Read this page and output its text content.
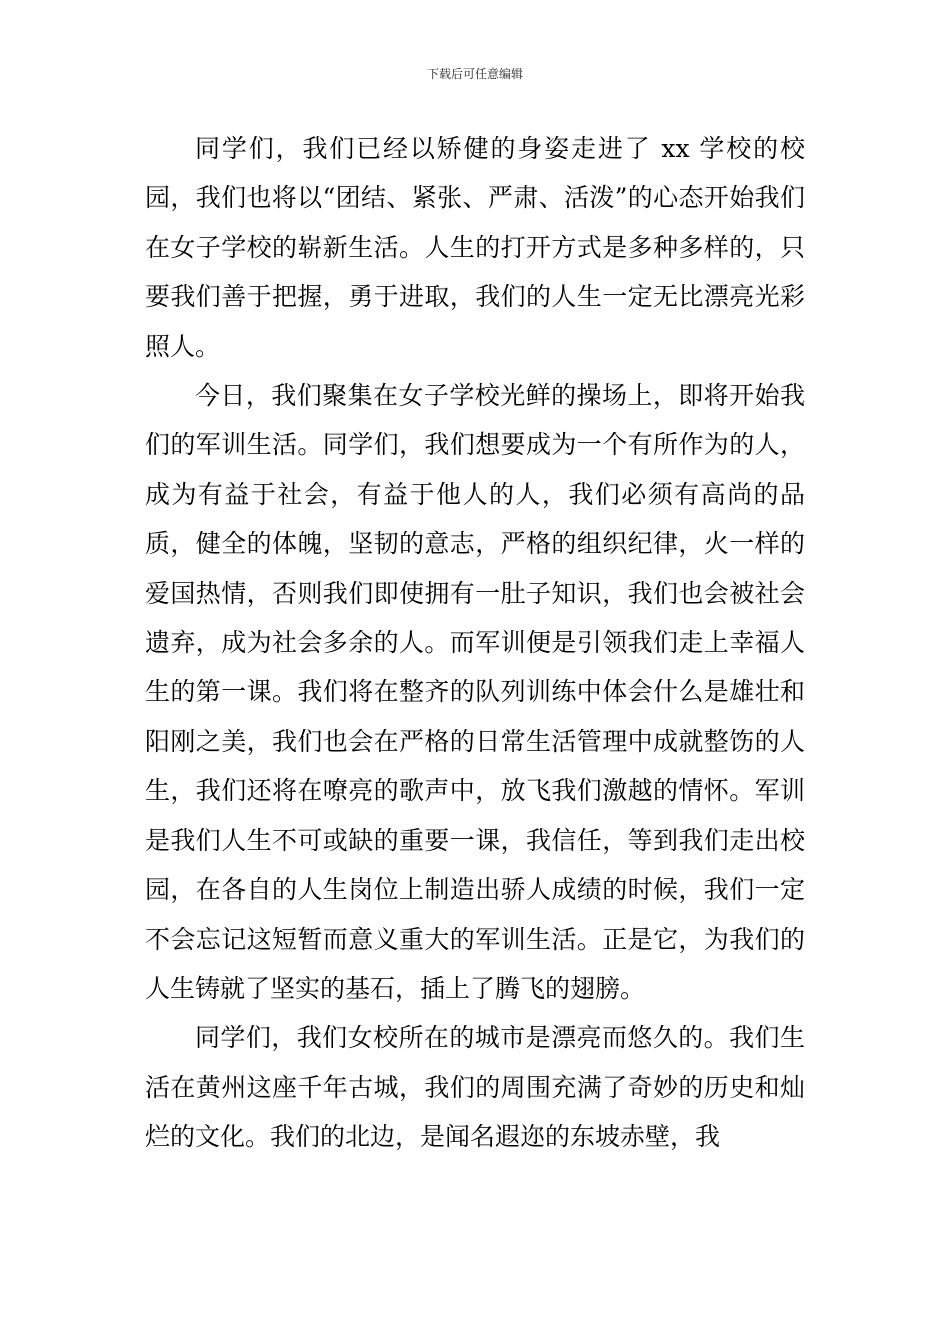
下载后可任意编辑

同学们，我们已经以矫健的身姿走进了 xx 学校的校园，我们也将以“团结、紧张、严肃、活泼”的心态开始我们在女子学校的崭新生活。人生的打开方式是多种多样的，只要我们善于把握，勇于进取，我们的人生一定无比漂亮光彩照人。

今日，我们聚集在女子学校光鲜的操场上，即将开始我们的军训生活。同学们，我们想要成为一个有所作为的人，成为有益于社会，有益于他人的人，我们必须有高尚的品质，健全的体魄，坚韧的意志，严格的组织纪律，火一样的爱国热情，否则我们即使拥有一肚子知识，我们也会被社会遗弃，成为社会多余的人。而军训便是引领我们走上幸福人生的第一课。我们将在整齐的队列训练中体会什么是雄壮和阳刚之美，我们也会在严格的日常生活管理中成就整饬的人生，我们还将在嘹亮的歌声中，放飞我们激越的情怀。军训是我们人生不可或缺的重要一课，我信任，等到我们走出校园，在各自的人生岗位上制造出骄人成绩的时候，我们一定不会忘记这短暂而意义重大的军训生活。正是它，为我们的人生铸就了坚实的基石，插上了腾飞的翅膀。

同学们，我们女校所在的城市是漂亮而悠久的。我们生活在黄州这座千年古城，我们的周围充满了奇妙的历史和灿烂的文化。我们的北边，是闻名遐迩的东坡赤壁，我
